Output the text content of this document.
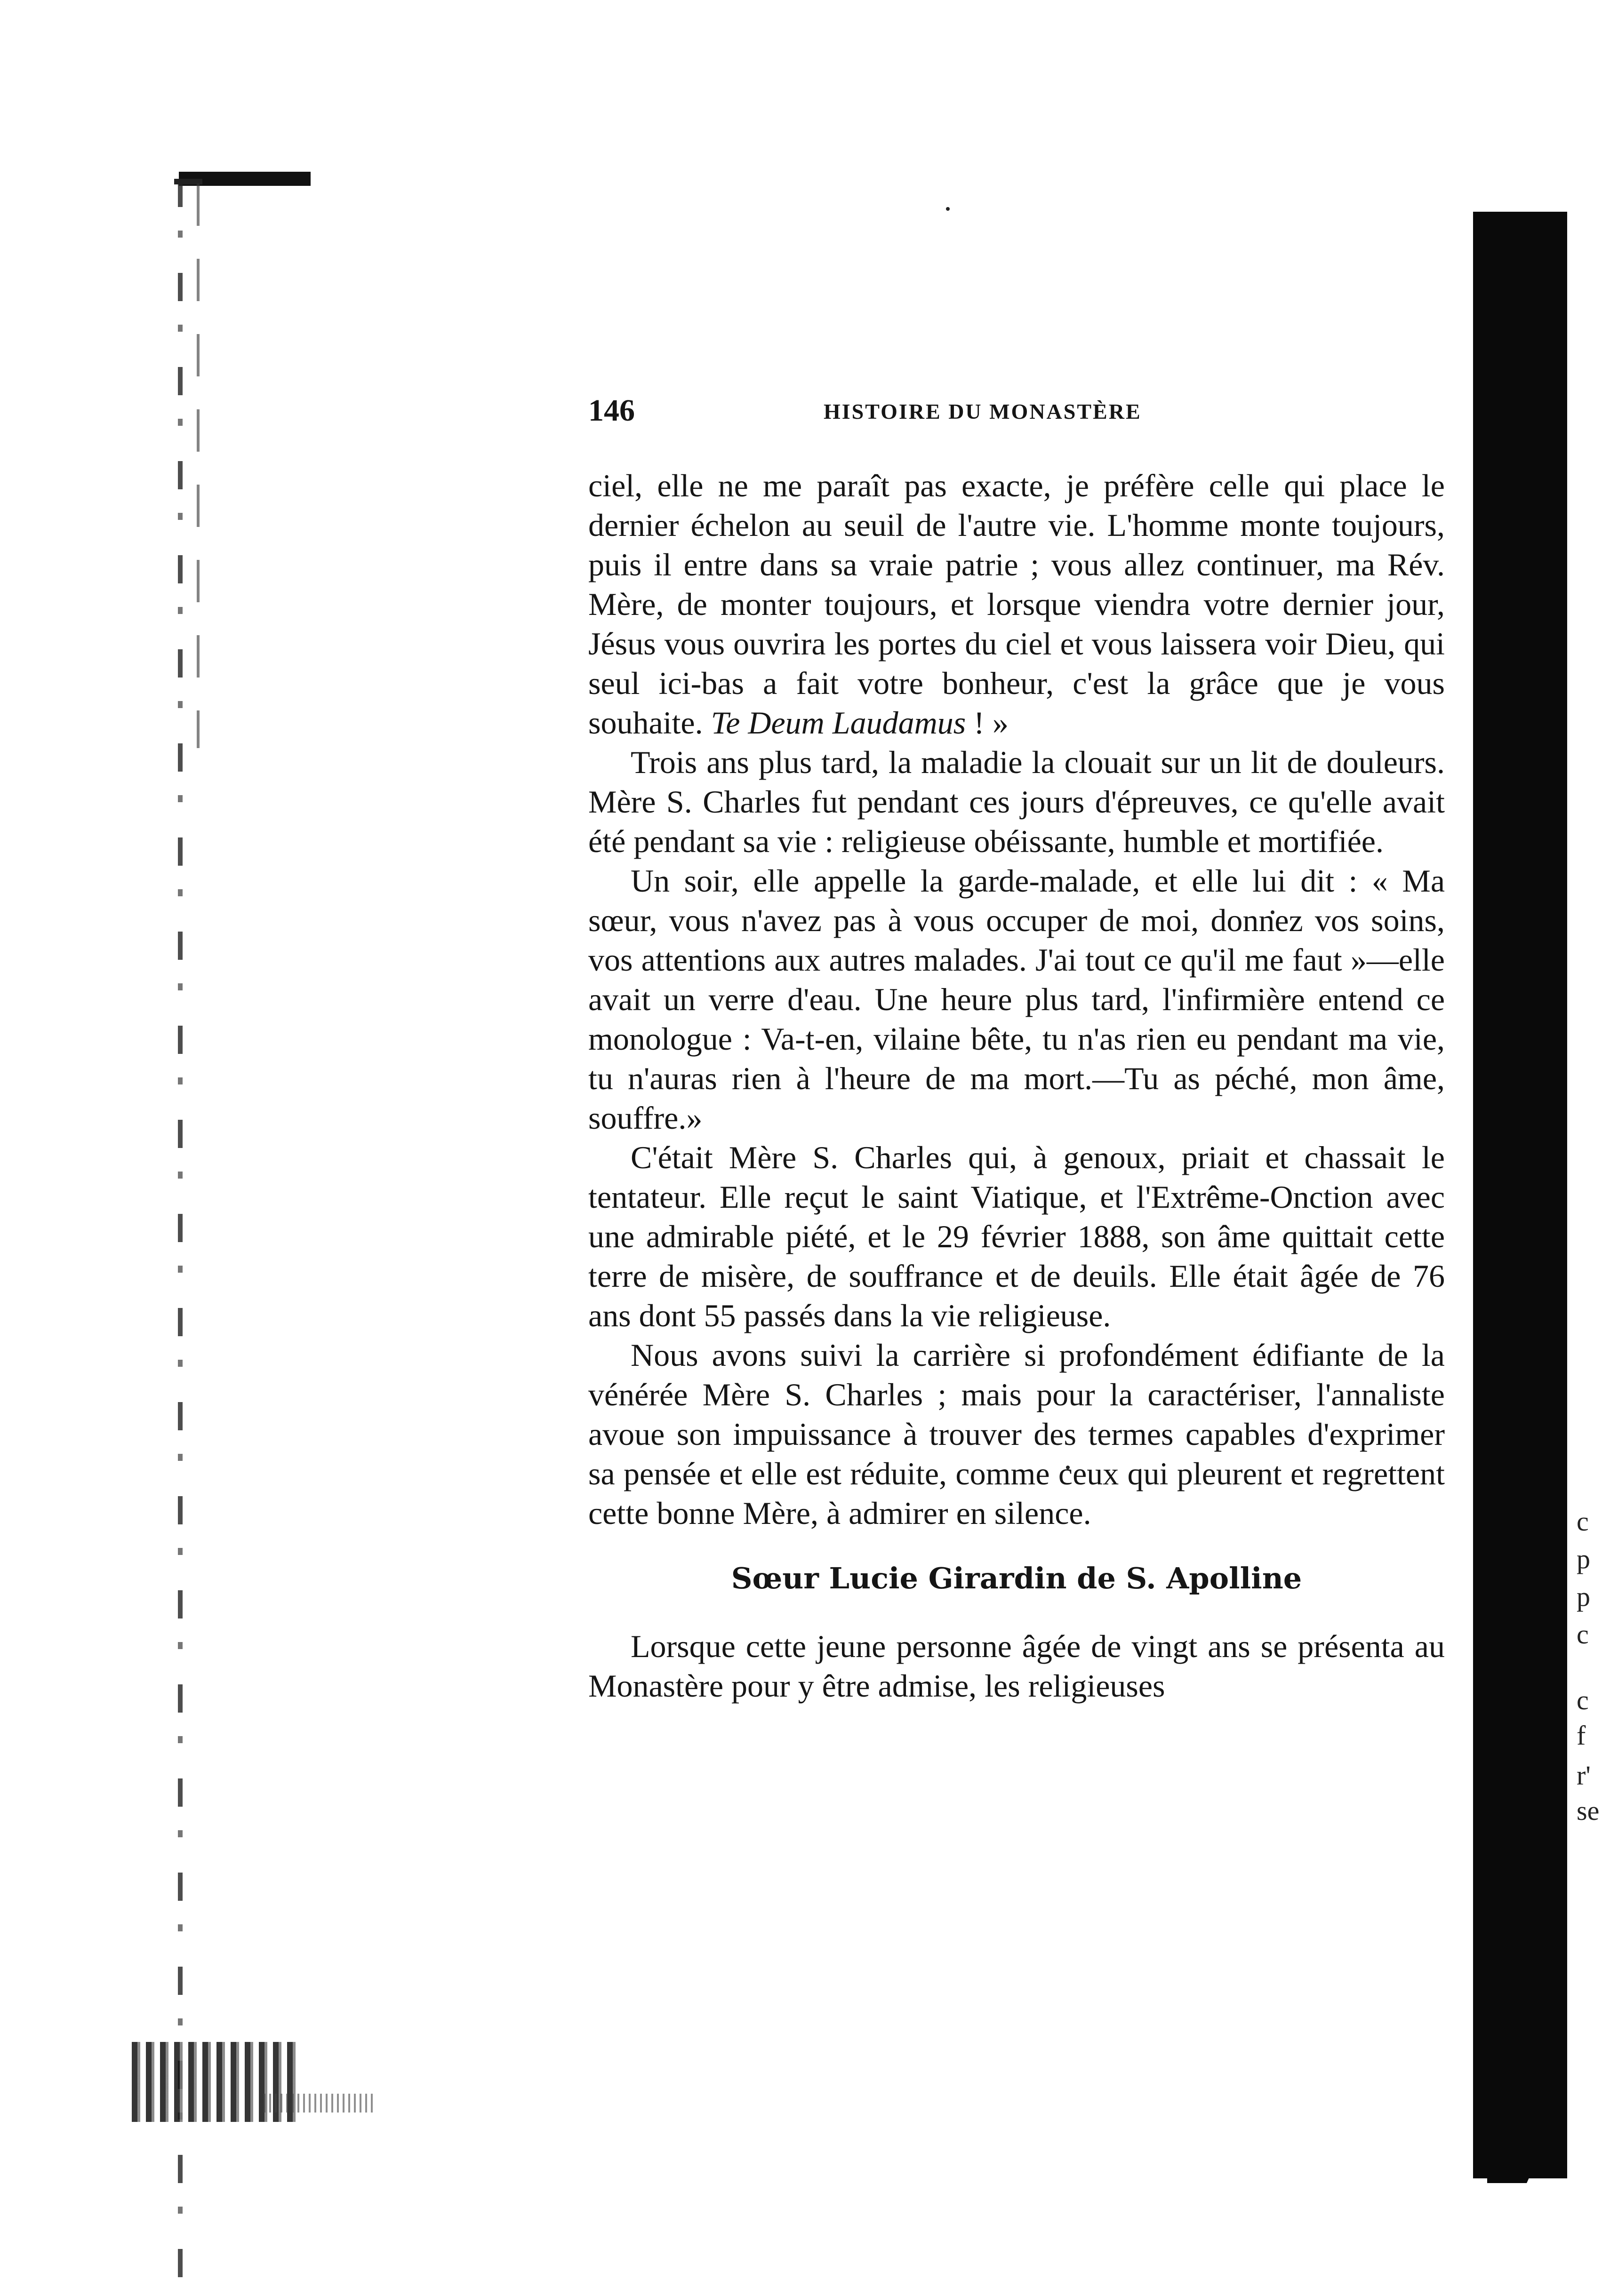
c
p
p
c
c
f
r'
se
146	HISTOIRE DU MONASTÈRE

ciel, elle ne me paraît pas exacte, je préfère celle qui place le dernier échelon au seuil de l'autre vie. L'homme monte toujours, puis il entre dans sa vraie patrie ; vous allez continuer, ma Rév. Mère, de monter toujours, et lorsque viendra votre dernier jour, Jésus vous ouvrira les portes du ciel et vous laissera voir Dieu, qui seul ici-bas a fait votre bonheur, c'est la grâce que je vous souhaite. Te Deum Laudamus ! »

Trois ans plus tard, la maladie la clouait sur un lit de douleurs. Mère S. Charles fut pendant ces jours d'épreuves, ce qu'elle avait été pendant sa vie : religieuse obéissante, humble et mortifiée.

Un soir, elle appelle la garde-malade, et elle lui dit : « Ma sœur, vous n'avez pas à vous occuper de moi, donnez vos soins, vos attentions aux autres malades. J'ai tout ce qu'il me faut »—elle avait un verre d'eau. Une heure plus tard, l'infirmière entend ce monologue : Va-t-en, vilaine bête, tu n'as rien eu pendant ma vie, tu n'auras rien à l'heure de ma mort.—Tu as péché, mon âme, souffre.»

C'était Mère S. Charles qui, à genoux, priait et chassait le tentateur. Elle reçut le saint Viatique, et l'Extrême-Onction avec une admirable piété, et le 29 février 1888, son âme quittait cette terre de misère, de souffrance et de deuils. Elle était âgée de 76 ans dont 55 passés dans la vie religieuse.

Nous avons suivi la carrière si profondément édifiante de la vénérée Mère S. Charles ; mais pour la caractériser, l'annaliste avoue son impuissance à trouver des termes capables d'exprimer sa pensée et elle est réduite, comme ceux qui pleurent et regrettent cette bonne Mère, à admirer en silence.

Sœur Lucie Girardin de S. Apolline

Lorsque cette jeune personne âgée de vingt ans se présenta au Monastère pour y être admise, les religieuses
